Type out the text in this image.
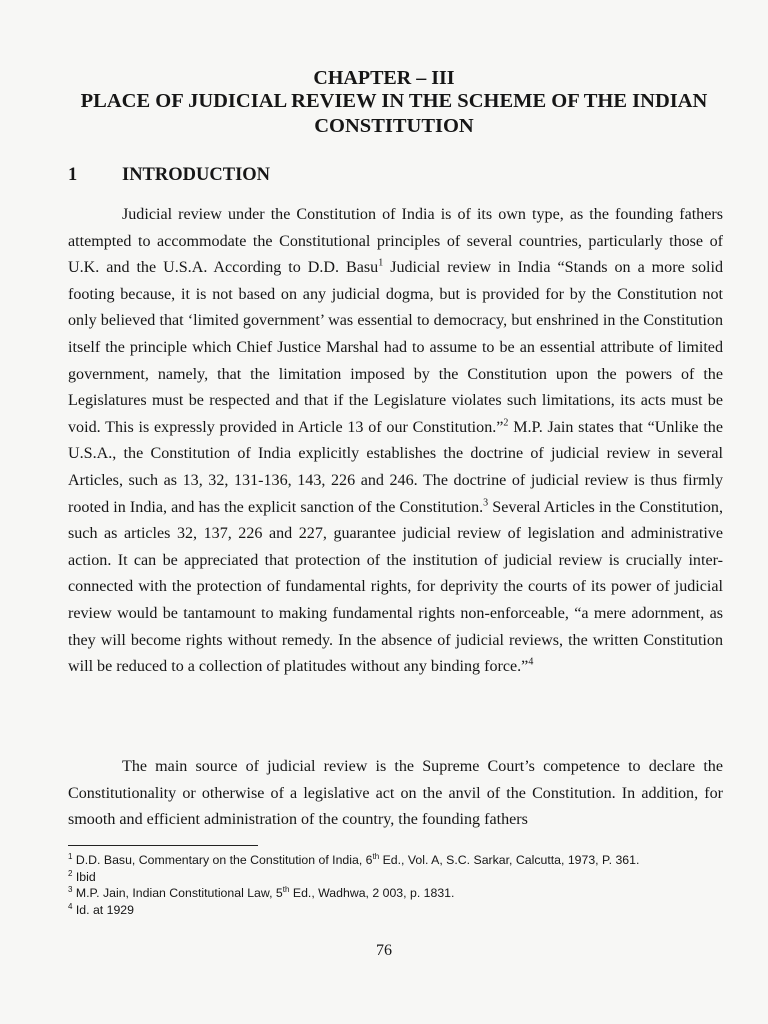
CHAPTER – III
PLACE OF JUDICIAL REVIEW IN THE SCHEME OF THE INDIAN CONSTITUTION
1 INTRODUCTION

Judicial review under the Constitution of India is of its own type, as the founding fathers attempted to accommodate the Constitutional principles of several countries, particularly those of U.K. and the U.S.A. According to D.D. Basu$^1$ Judicial review in India “Stands on a more solid footing because, it is not based on any judicial dogma, but is provided for by the Constitution not only believed that ‘limited government’ was essential to democracy, but enshrined in the Constitution itself the principle which Chief Justice Marshal had to assume to be an essential attribute of limited government, namely, that the limitation imposed by the Constitution upon the powers of the Legislatures must be respected and that if the Legislature violates such limitations, its acts must be void. This is expressly provided in Article 13 of our Constitution.”$^2$ M.P. Jain states that “Unlike the U.S.A., the Constitution of India explicitly establishes the doctrine of judicial review in several Articles, such as 13, 32, 131-136, 143, 226 and 246. The doctrine of judicial review is thus firmly rooted in India, and has the explicit sanction of the Constitution.$^3$ Several Articles in the Constitution, such as articles 32, 137, 226 and 227, guarantee judicial review of legislation and administrative action. It can be appreciated that protection of the institution of judicial review is crucially inter-connected with the protection of fundamental rights, for deprivity the courts of its power of judicial review would be tantamount to making fundamental rights non-enforceable, “a mere adornment, as they will become rights without remedy. In the absence of judicial reviews, the written Constitution will be reduced to a collection of platitudes without any binding force.”$^4$

The main source of judicial review is the Supreme Court’s competence to declare the Constitutionality or otherwise of a legislative act on the anvil of the Constitution. In addition, for smooth and efficient administration of the country, the founding fathers

$^1$ D.D. Basu, Commentary on the Constitution of India, 6th Ed., Vol. A, S.C. Sarkar, Calcutta, 1973, P. 361.
$^2$ Ibid
$^3$ M.P. Jain, Indian Constitutional Law, 5th Ed., Wadhwa, 2 003, p. 1831.
$^4$ Id. at 1929
76
